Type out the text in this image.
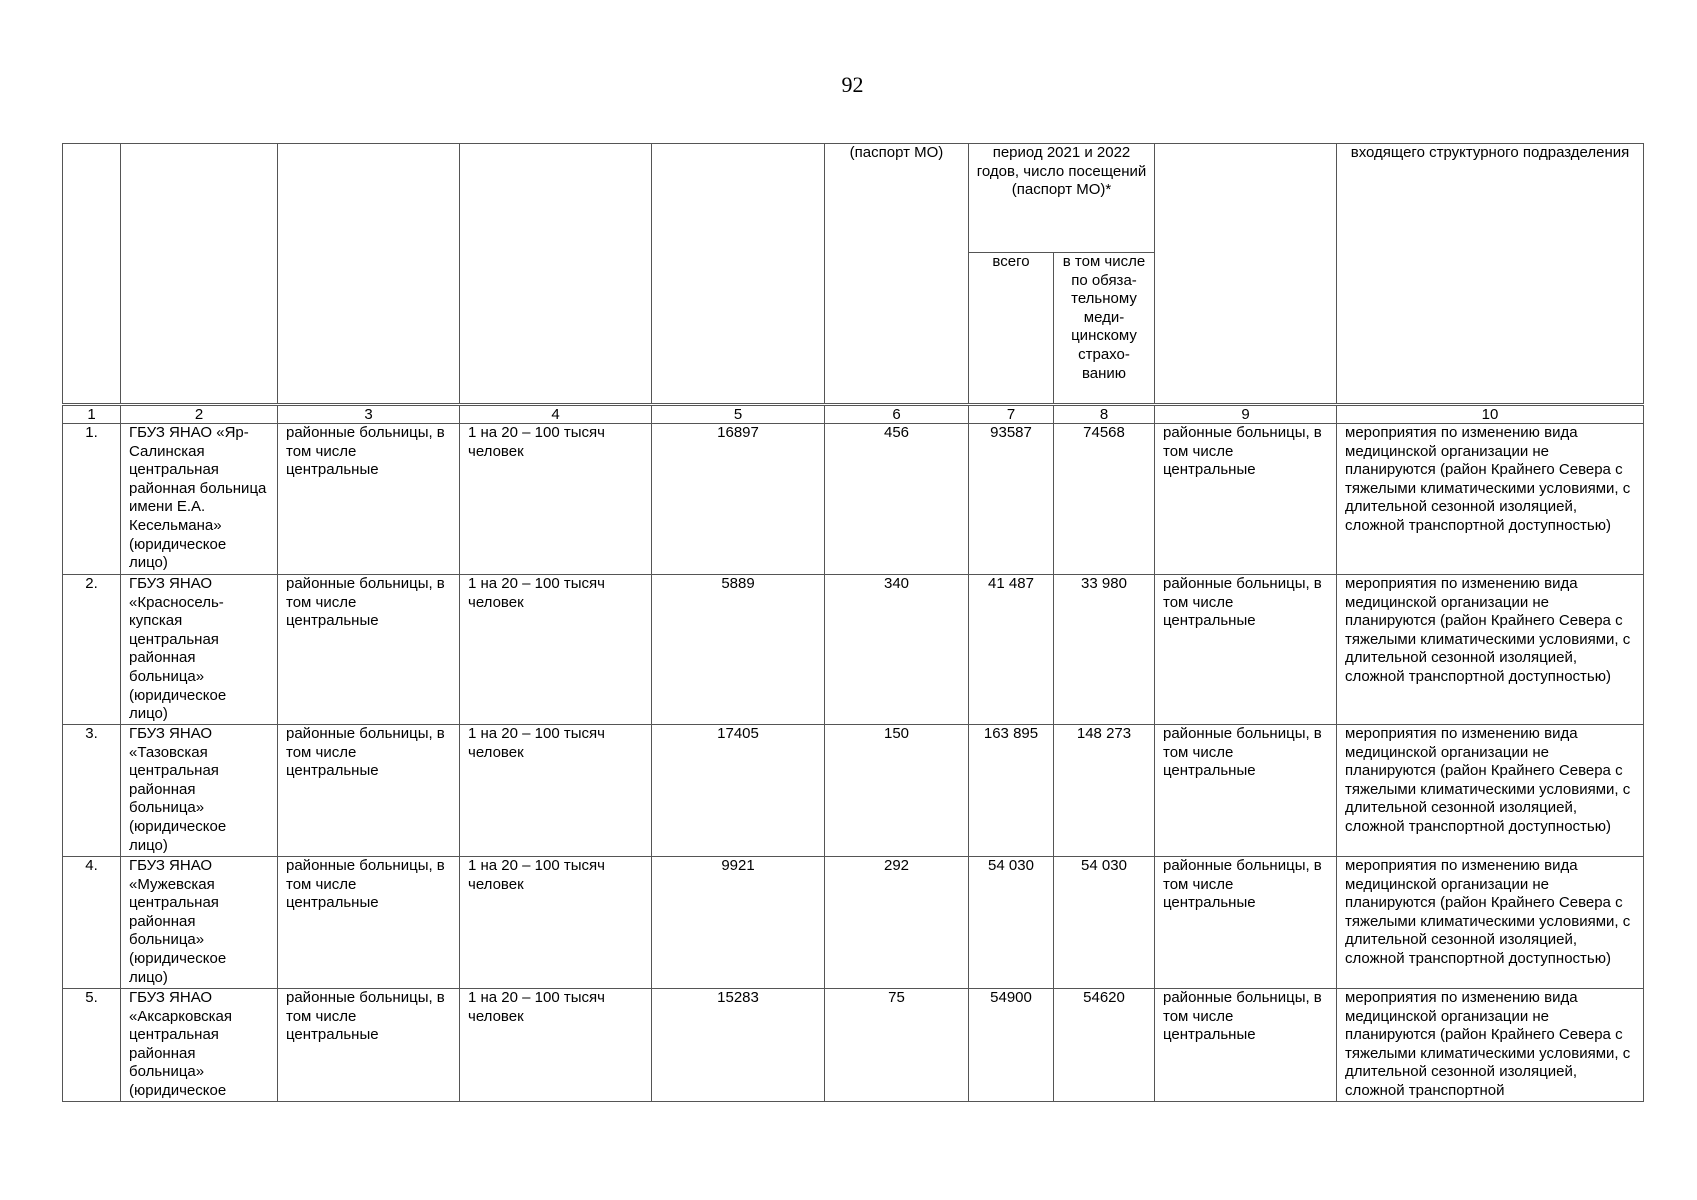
92
					(паспорт МО)	период 2021 и 2022 годов, число посещений (паспорт МО)*			входящего структурного подразделения
						всего	в том числе по обяза-тельному меди-цинскому страхо-ванию		
1	2	3	4	5	6	7	8	9	10
1.	ГБУЗ ЯНАО «Яр-Салинская центральная районная больница имени Е.А. Кесельмана» (юридическое лицо)	районные больницы, в том числе центральные	1 на 20 – 100 тысяч человек	16897	456	93587	74568	районные больницы, в том числе центральные	мероприятия по изменению вида медицинской организации не планируются (район Крайнего Севера с тяжелыми климатическими условиями, с длительной сезонной изоляцией, сложной транспортной доступностью)
2.	ГБУЗ ЯНАО «Красносель-купская центральная районная больница» (юридическое лицо)	районные больницы, в том числе центральные	1 на 20 – 100 тысяч человек	5889	340	41 487	33 980	районные больницы, в том числе центральные	мероприятия по изменению вида медицинской организации не планируются (район Крайнего Севера с тяжелыми климатическими условиями, с длительной сезонной изоляцией, сложной транспортной доступностью)
3.	ГБУЗ ЯНАО «Тазовская центральная районная больница» (юридическое лицо)	районные больницы, в том числе центральные	1 на 20 – 100 тысяч человек	17405	150	163 895	148 273	районные больницы, в том числе центральные	мероприятия по изменению вида медицинской организации не планируются (район Крайнего Севера с тяжелыми климатическими условиями, с длительной сезонной изоляцией, сложной транспортной доступностью)
4.	ГБУЗ ЯНАО «Мужевская центральная районная больница» (юридическое лицо)	районные больницы, в том числе центральные	1 на 20 – 100 тысяч человек	9921	292	54 030	54 030	районные больницы, в том числе центральные	мероприятия по изменению вида медицинской организации не планируются (район Крайнего Севера с тяжелыми климатическими условиями, с длительной сезонной изоляцией, сложной транспортной доступностью)
5.	ГБУЗ ЯНАО «Аксарковская центральная районная больница» (юридическое	районные больницы, в том числе центральные	1 на 20 – 100 тысяч человек	15283	75	54900	54620	районные больницы, в том числе центральные	мероприятия по изменению вида медицинской организации не планируются (район Крайнего Севера с тяжелыми климатическими условиями, с длительной сезонной изоляцией, сложной транспортной
